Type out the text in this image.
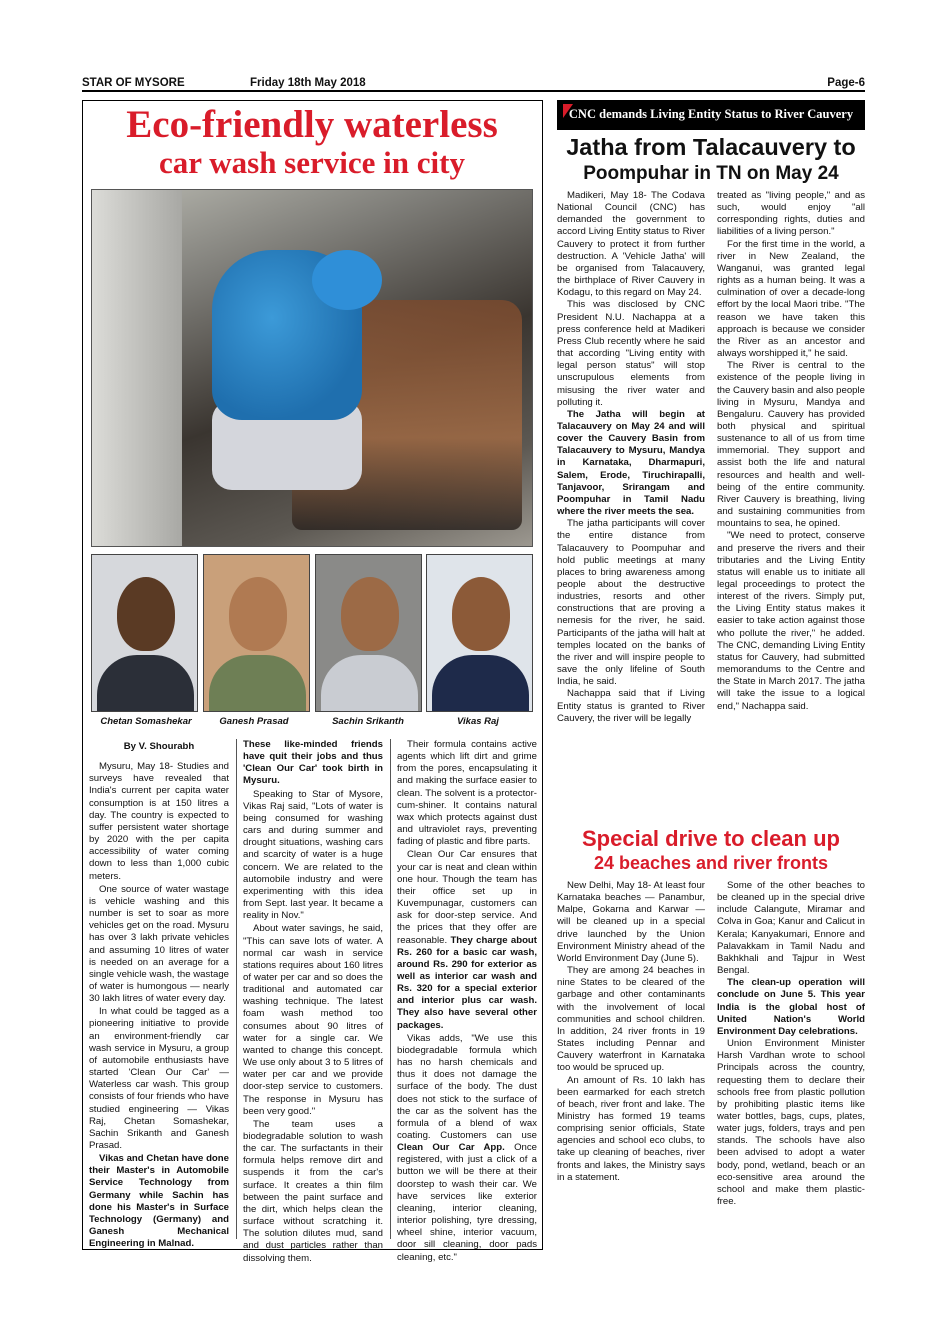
STAR OF MYSORE	Friday 18th May 2018	Page-6
Eco-friendly waterless
car wash service in city
Chetan Somashekar	Ganesh Prasad	Sachin Srikanth	Vikas Raj

By V. Shourabh

Mysuru, May 18- Studies and surveys have revealed that India's current per capita water consumption is at 150 litres a day. The country is expected to suffer persistent water shortage by 2020 with the per capita accessibility of water coming down to less than 1,000 cubic meters.

One source of water wastage is vehicle washing and this number is set to soar as more vehicles get on the road. Mysuru has over 3 lakh private vehicles and assuming 10 litres of water is needed on an average for a single vehicle wash, the wastage of water is humongous — nearly 30 lakh litres of water every day.

In what could be tagged as a pioneering initiative to provide an environment-friendly car wash service in Mysuru, a group of automobile enthusiasts have started 'Clean Our Car' — Waterless car wash. This group consists of four friends who have studied engineering — Vikas Raj, Chetan Somashekar, Sachin Srikanth and Ganesh Prasad.

Vikas and Chetan have done their Master's in Automobile Service Technology from Germany while Sachin has done his Master's in Surface Technology (Germany) and Ganesh Mechanical Engineering in Malnad.

These like-minded friends have quit their jobs and thus 'Clean Our Car' took birth in Mysuru.

Speaking to Star of Mysore, Vikas Raj said, "Lots of water is being consumed for washing cars and during summer and drought situations, washing cars and scarcity of water is a huge concern. We are related to the automobile industry and were experimenting with this idea from Sept. last year. It became a reality in Nov."

About water savings, he said, "This can save lots of water. A normal car wash in service stations requires about 160 litres of water per car and so does the traditional and automated car washing technique. The latest foam wash method too consumes about 90 litres of water for a single car. We wanted to change this concept. We use only about 3 to 5 litres of water per car and we provide door-step service to customers. The response in Mysuru has been very good."

The team uses a biodegradable solution to wash the car. The surfactants in their formula helps remove dirt and suspends it from the car's surface. It creates a thin film between the paint surface and the dirt, which helps clean the surface without scratching it. The solution dilutes mud, sand and dust particles rather than dissolving them.

Their formula contains active agents which lift dirt and grime from the pores, encapsulating it and making the surface easier to clean. The solvent is a protector-cum-shiner. It contains natural wax which protects against dust and ultraviolet rays, preventing fading of plastic and fibre parts.

Clean Our Car ensures that your car is neat and clean within one hour. Though the team has their office set up in Kuvempunagar, customers can ask for door-step service. And the prices that they offer are reasonable. They charge about Rs. 260 for a basic car wash, around Rs. 290 for exterior as well as interior car wash and Rs. 320 for a special exterior and interior plus car wash. They also have several other packages.

Vikas adds, "We use this biodegradable formula which has no harsh chemicals and thus it does not damage the surface of the body. The dust does not stick to the surface of the car as the solvent has the formula of a blend of wax coating. Customers can use Clean Our Car App. Once registered, with just a click of a button we will be there at their doorstep to wash their car. We have services like exterior cleaning, interior cleaning, interior polishing, tyre dressing, wheel shine, interior vacuum, door sill cleaning, door pads cleaning, etc."

CNC demands Living Entity Status to River Cauvery
Jatha from Talacauvery to
Poompuhar in TN on May 24

Madikeri, May 18- The Codava National Council (CNC) has demanded the government to accord Living Entity status to River Cauvery to protect it from further destruction. A 'Vehicle Jatha' will be organised from Talacauvery, the birthplace of River Cauvery in Kodagu, to this regard on May 24.

This was disclosed by CNC President N.U. Nachappa at a press conference held at Madikeri Press Club recently where he said that according "Living entity with legal person status" will stop unscrupulous elements from misusing the river water and polluting it.

The Jatha will begin at Talacauvery on May 24 and will cover the Cauvery Basin from Talacauvery to Mysuru, Mandya in Karnataka, Dharmapuri, Salem, Erode, Tiruchirapalli, Tanjavoor, Srirangam and Poompuhar in Tamil Nadu where the river meets the sea.

The jatha participants will cover the entire distance from Talacauvery to Poompuhar and hold public meetings at many places to bring awareness among people about the destructive industries, resorts and other constructions that are proving a nemesis for the river, he said. Participants of the jatha will halt at temples located on the banks of the river and will inspire people to save the only lifeline of South India, he said.

Nachappa said that if Living Entity status is granted to River Cauvery, the river will be legally

treated as "living people," and as such, would enjoy "all corresponding rights, duties and liabilities of a living person."

For the first time in the world, a river in New Zealand, the Wanganui, was granted legal rights as a human being. It was a culmination of over a decade-long effort by the local Maori tribe. "The reason we have taken this approach is because we consider the River as an ancestor and always worshipped it," he said.

The River is central to the existence of the people living in the Cauvery basin and also people living in Mysuru, Mandya and Bengaluru. Cauvery has provided both physical and spiritual sustenance to all of us from time immemorial. They support and assist both the life and natural resources and health and well-being of the entire community. River Cauvery is breathing, living and sustaining communities from mountains to sea, he opined.

"We need to protect, conserve and preserve the rivers and their tributaries and the Living Entity status will enable us to initiate all legal proceedings to protect the interest of the rivers. Simply put, the Living Entity status makes it easier to take action against those who pollute the river," he added. The CNC, demanding Living Entity status for Cauvery, had submitted memorandums to the Centre and the State in March 2017. The jatha will take the issue to a logical end," Nachappa said.

Special drive to clean up
24 beaches and river fronts

New Delhi, May 18- At least four Karnataka beaches — Panambur, Malpe, Gokarna and Karwar — will be cleaned up in a special drive launched by the Union Environment Ministry ahead of the World Environment Day (June 5).

They are among 24 beaches in nine States to be cleared of the garbage and other contaminants with the involvement of local communities and school children. In addition, 24 river fronts in 19 States including Pennar and Cauvery waterfront in Karnataka too would be spruced up.

An amount of Rs. 10 lakh has been earmarked for each stretch of beach, river front and lake. The Ministry has formed 19 teams comprising senior officials, State agencies and school eco clubs, to take up cleaning of beaches, river fronts and lakes, the Ministry says in a statement.

Some of the other beaches to be cleaned up in the special drive include Calangute, Miramar and Colva in Goa; Kanur and Calicut in Kerala; Kanyakumari, Ennore and Palavakkam in Tamil Nadu and Bakhkhali and Tajpur in West Bengal.

The clean-up operation will conclude on June 5. This year India is the global host of United Nation's World Environment Day celebrations.

Union Environment Minister Harsh Vardhan wrote to school Principals across the country, requesting them to declare their schools free from plastic pollution by prohibiting plastic items like water bottles, bags, cups, plates, water jugs, folders, trays and pen stands. The schools have also been advised to adopt a water body, pond, wetland, beach or an eco-sensitive area around the school and make them plastic-free.
